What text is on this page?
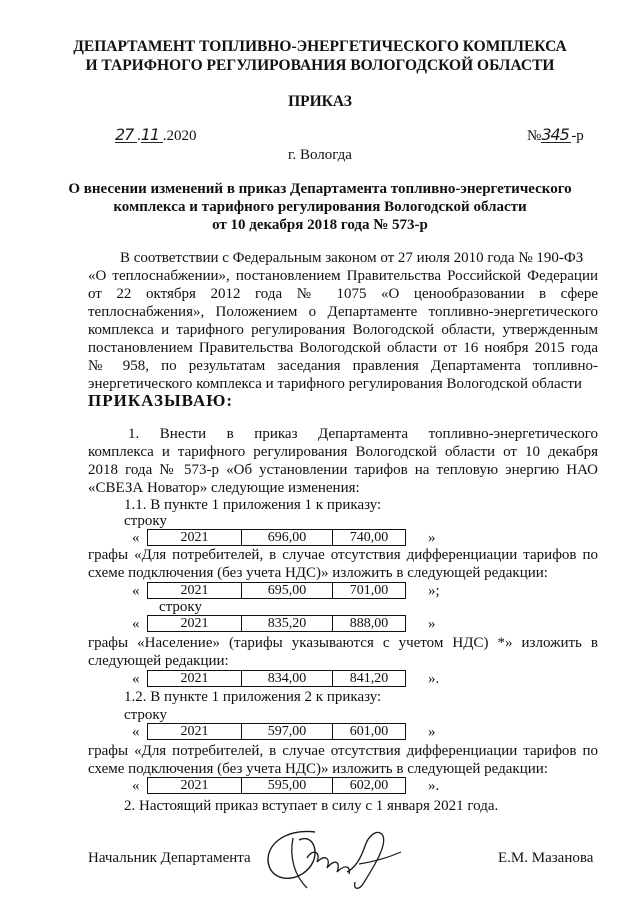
ДЕПАРТАМЕНТ ТОПЛИВНО-ЭНЕРГЕТИЧЕСКОГО КОМПЛЕКСА
И ТАРИФНОГО РЕГУЛИРОВАНИЯ ВОЛОГОДСКОЙ ОБЛАСТИ
ПРИКАЗ
27 .11 .2020	№345 -р
г. Вологда
О внесении изменений в приказ Департамента топливно-энергетического
комплекса и тарифного регулирования Вологодской области
от 10 декабря 2018 года № 573-р
В соответствии с Федеральным законом от 27 июля 2010 года № 190-ФЗ
«О теплоснабжении», постановлением Правительства Российской Федерации
от 22 октября 2012 года № 1075 «О ценообразовании в сфере
теплоснабжения», Положением о Департаменте топливно-энергетического
комплекса и тарифного регулирования Вологодской области, утвержденным
постановлением Правительства Вологодской области от 16 ноября 2015 года
№ 958, по результатам заседания правления Департамента топливно-
энергетического комплекса и тарифного регулирования Вологодской области
ПРИКАЗЫВАЮ:
1. Внести в приказ Департамента топливно-энергетического
комплекса и тарифного регулирования Вологодской области от 10 декабря
2018 года № 573-р «Об установлении тарифов на тепловую энергию НАО
«СВЕЗА Новатор» следующие изменения:
1.1. В пункте 1 приложения 1 к приказу:
строку
«	2021	696,00	740,00	»
графы «Для потребителей, в случае отсутствия дифференциации тарифов по
схеме подключения (без учета НДС)» изложить в следующей редакции:
«	2021	695,00	701,00	»;
строку
«	2021	835,20	888,00	»
графы «Население» (тарифы указываются с учетом НДС) *» изложить в
следующей редакции:
«	2021	834,00	841,20	».
1.2. В пункте 1 приложения 2 к приказу:
строку
«	2021	597,00	601,00	»
графы «Для потребителей, в случае отсутствия дифференциации тарифов по
схеме подключения (без учета НДС)» изложить в следующей редакции:
«	2021	595,00	602,00	».
2. Настоящий приказ вступает в силу с 1 января 2021 года.
Начальник Департамента	Е.М. Мазанова
